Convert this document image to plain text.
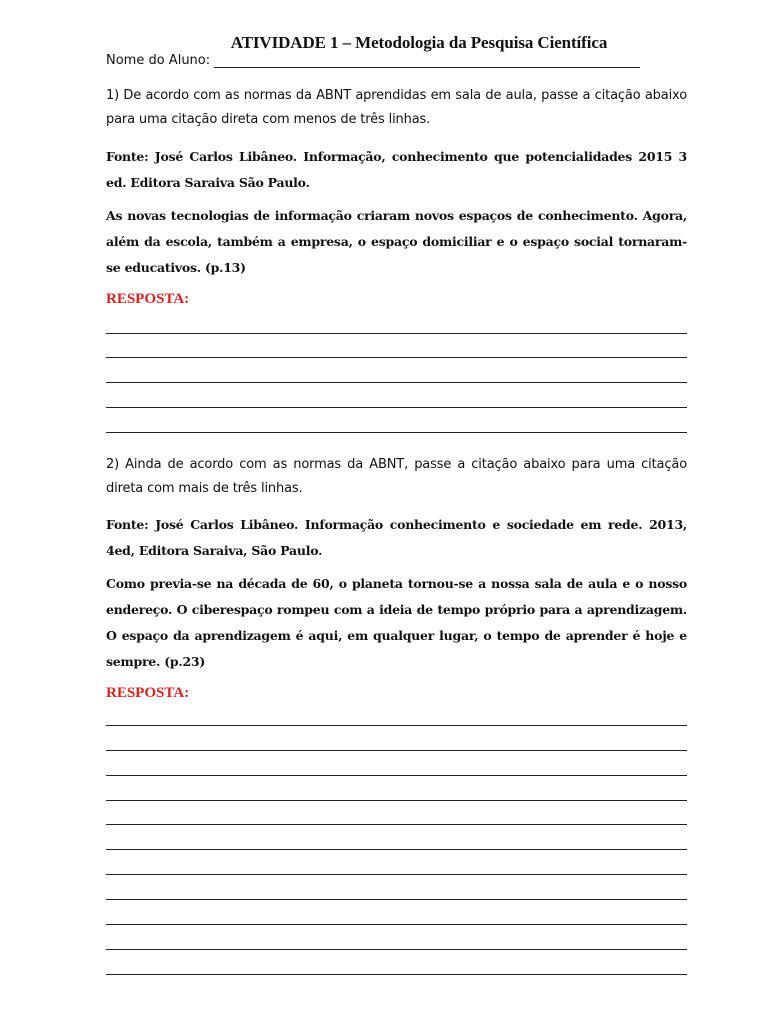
ATIVIDADE 1 – Metodologia da Pesquisa Científica
Nome do Aluno:
1) De acordo com as normas da ABNT aprendidas em sala de aula, passe a citação abaixo para uma citação direta com menos de três linhas.
Fonte: José Carlos Libâneo. Informação, conhecimento que potencialidades 2015 3 ed. Editora Saraiva São Paulo.
As novas tecnologias de informação criaram novos espaços de conhecimento. Agora, além da escola, também a empresa, o espaço domiciliar e o espaço social tornaram- se educativos. (p.13)
RESPOSTA:
2) Ainda de acordo com as normas da ABNT, passe a citação abaixo para uma citação direta com mais de três linhas.
Fonte: José Carlos Libâneo. Informação conhecimento e sociedade em rede. 2013, 4ed, Editora Saraiva, São Paulo.
Como previa-se na década de 60, o planeta tornou-se a nossa sala de aula e o nosso endereço. O ciberespaço rompeu com a ideia de tempo próprio para a aprendizagem. O espaço da aprendizagem é aqui, em qualquer lugar, o tempo de aprender é hoje e sempre. (p.23)
RESPOSTA:
